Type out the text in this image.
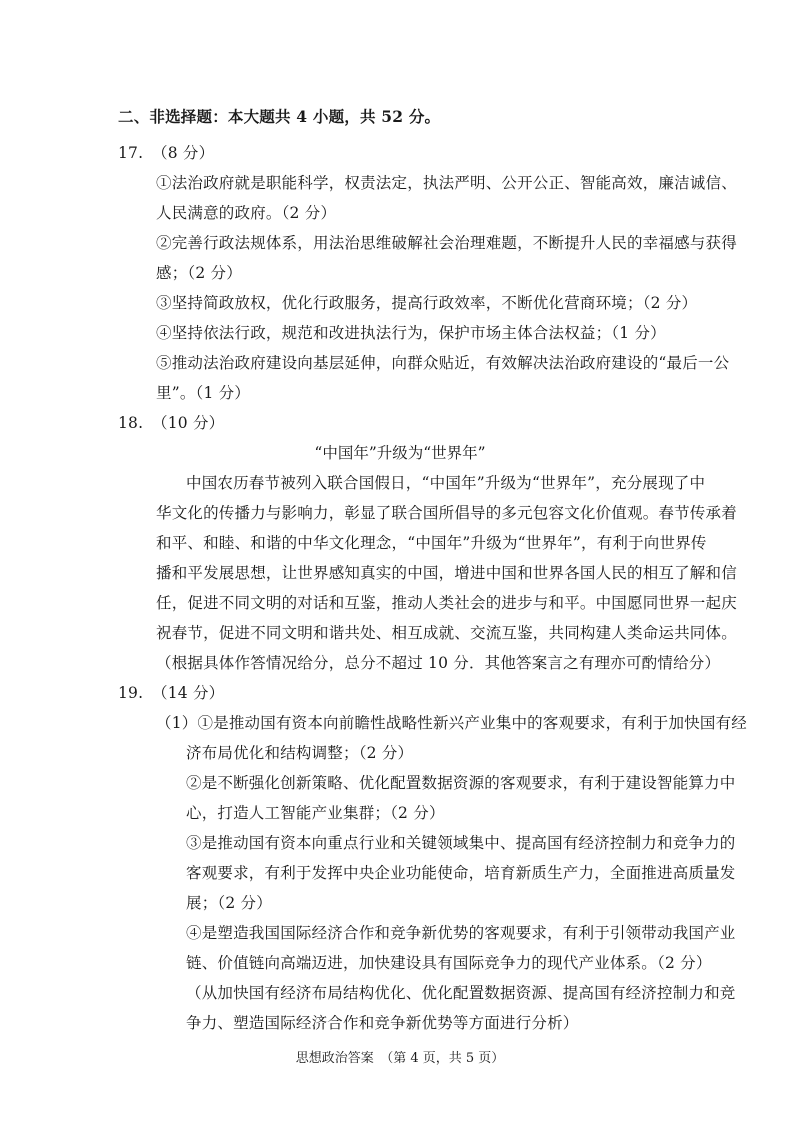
二、非选择题：本大题共 4 小题，共 52 分。
17. （8 分）
①法治政府就是职能科学，权责法定，执法严明、公开公正、智能高效，廉洁诚信、
人民满意的政府。（2 分）
②完善行政法规体系，用法治思维破解社会治理难题，不断提升人民的幸福感与获得
感；（2 分）
③坚持简政放权，优化行政服务，提高行政效率，不断优化营商环境；（2 分）
④坚持依法行政，规范和改进执法行为，保护市场主体合法权益；（1 分）
⑤推动法治政府建设向基层延伸，向群众贴近，有效解决法治政府建设的“最后一公
里”。（1 分）
18. （10 分）
“中国年”升级为“世界年”
中国农历春节被列入联合国假日，“中国年”升级为“世界年”，充分展现了中
华文化的传播力与影响力，彰显了联合国所倡导的多元包容文化价值观。春节传承着
和平、和睦、和谐的中华文化理念，“中国年”升级为“世界年”，有利于向世界传
播和平发展思想，让世界感知真实的中国，增进中国和世界各国人民的相互了解和信
任，促进不同文明的对话和互鉴，推动人类社会的进步与和平。中国愿同世界一起庆
祝春节，促进不同文明和谐共处、相互成就、交流互鉴，共同构建人类命运共同体。
（根据具体作答情况给分，总分不超过 10 分．其他答案言之有理亦可酌情给分）
19. （14 分）
（1）①是推动国有资本向前瞻性战略性新兴产业集中的客观要求，有利于加快国有经
济布局优化和结构调整；（2 分）
②是不断强化创新策略、优化配置数据资源的客观要求，有利于建设智能算力中
心，打造人工智能产业集群；（2 分）
③是推动国有资本向重点行业和关键领域集中、提高国有经济控制力和竞争力的
客观要求，有利于发挥中央企业功能使命，培育新质生产力，全面推进高质量发
展；（2 分）
④是塑造我国国际经济合作和竞争新优势的客观要求，有利于引领带动我国产业
链、价值链向高端迈进，加快建设具有国际竞争力的现代产业体系。（2 分）
（从加快国有经济布局结构优化、优化配置数据资源、提高国有经济控制力和竞
争力、塑造国际经济合作和竞争新优势等方面进行分析）
思想政治答案　（第 4 页，共 5 页）
